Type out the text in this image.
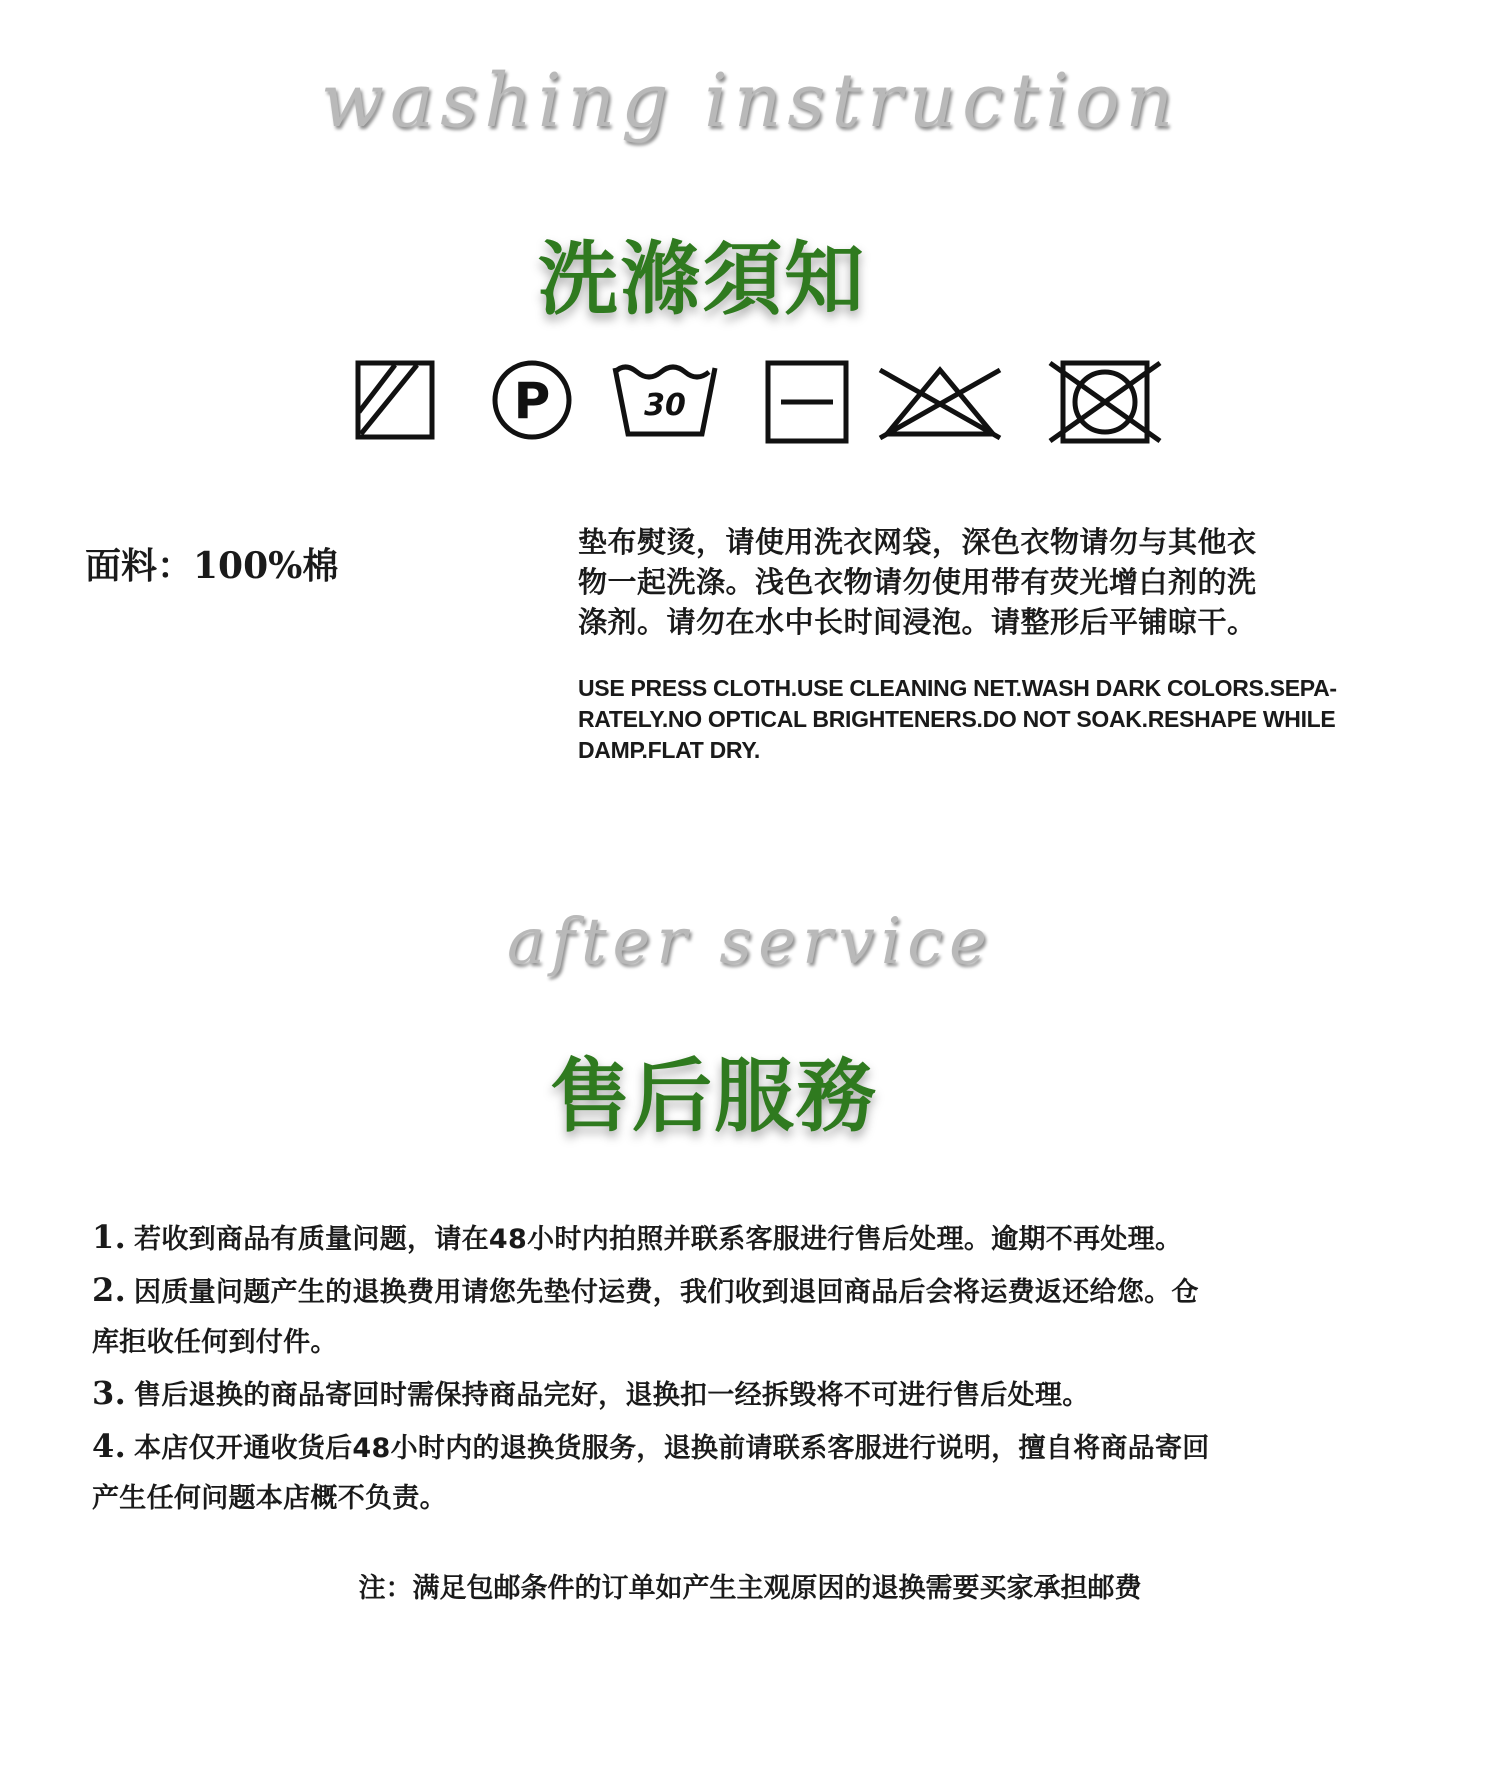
washing instruction
洗滌須知
P	30
面料：100%棉
垫布熨烫，请使用洗衣网袋，深色衣物请勿与其他衣
物一起洗涤。浅色衣物请勿使用带有荧光增白剂的洗
涤剂。请勿在水中长时间浸泡。请整形后平铺晾干。
USE PRESS CLOTH.USE CLEANING NET.WASH DARK COLORS.SEPA-
RATELY.NO OPTICAL BRIGHTENERS.DO NOT SOAK.RESHAPE WHILE
DAMP.FLAT DRY.
after service
售后服務
1. 若收到商品有质量问题，请在48小时内拍照并联系客服进行售后处理。逾期不再处理。
2. 因质量问题产生的退换费用请您先垫付运费，我们收到退回商品后会将运费返还给您。仓
库拒收任何到付件。
3. 售后退换的商品寄回时需保持商品完好，退换扣一经拆毁将不可进行售后处理。
4. 本店仅开通收货后48小时内的退换货服务，退换前请联系客服进行说明，擅自将商品寄回
产生任何问题本店概不负责。
注：满足包邮条件的订单如产生主观原因的退换需要买家承担邮费
